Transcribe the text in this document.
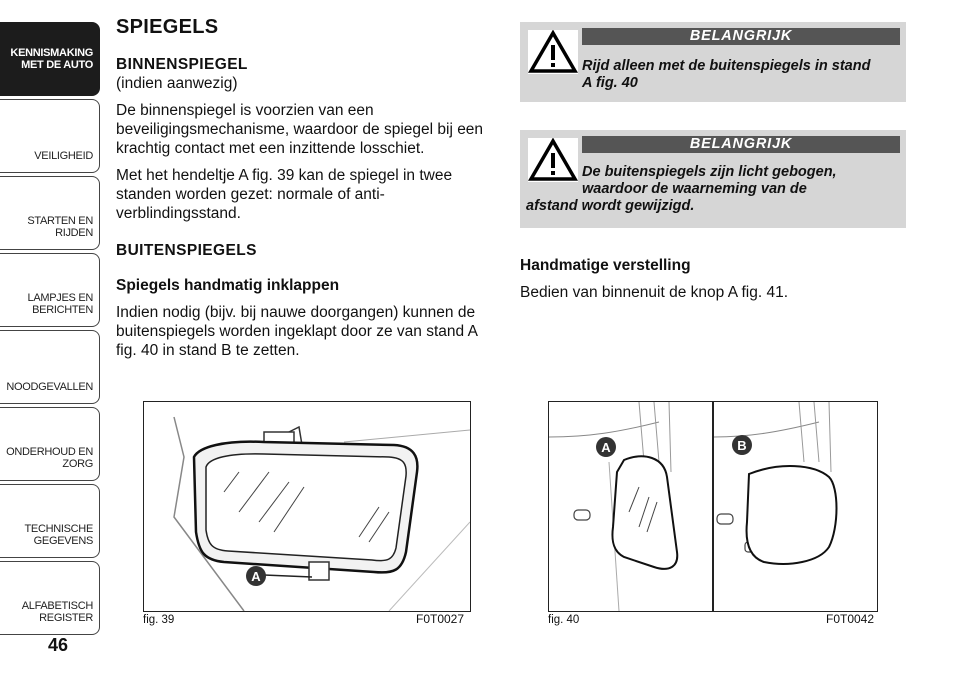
KENNISMAKING
MET DE AUTO
VEILIGHEID
STARTEN EN RIJDEN
LAMPJES EN
BERICHTEN
NOODGEVALLEN
ONDERHOUD EN
ZORG
TECHNISCHE
GEGEVENS
ALFABETISCH
REGISTER
46
SPIEGELS
BINNENSPIEGEL

(indien aanwezig)

De binnenspiegel is voorzien van een beveiligingsmechanisme, waardoor de spiegel bij een krachtig contact met een inzittende losschiet.

Met het hendeltje A fig. 39 kan de spiegel in twee standen worden gezet: normale of anti-verblindingsstand.

BUITENSPIEGELS
Spiegels handmatig inklappen

Indien nodig (bijv. bij nauwe doorgangen) kunnen de buitenspiegels worden ingeklapt door ze van stand A fig. 40 in stand B te zetten.

BELANGRIJK
Rijd alleen met de buitenspiegels in stand A fig. 40
BELANGRIJK
De buitenspiegels zijn licht gebogen,
waardoor de waarneming van de
afstand wordt gewijzigd.
Handmatige verstelling

Bedien van binnenuit de knop A fig. 41.

A
fig. 39	F0T0027
A	B
fig. 40	F0T0042
